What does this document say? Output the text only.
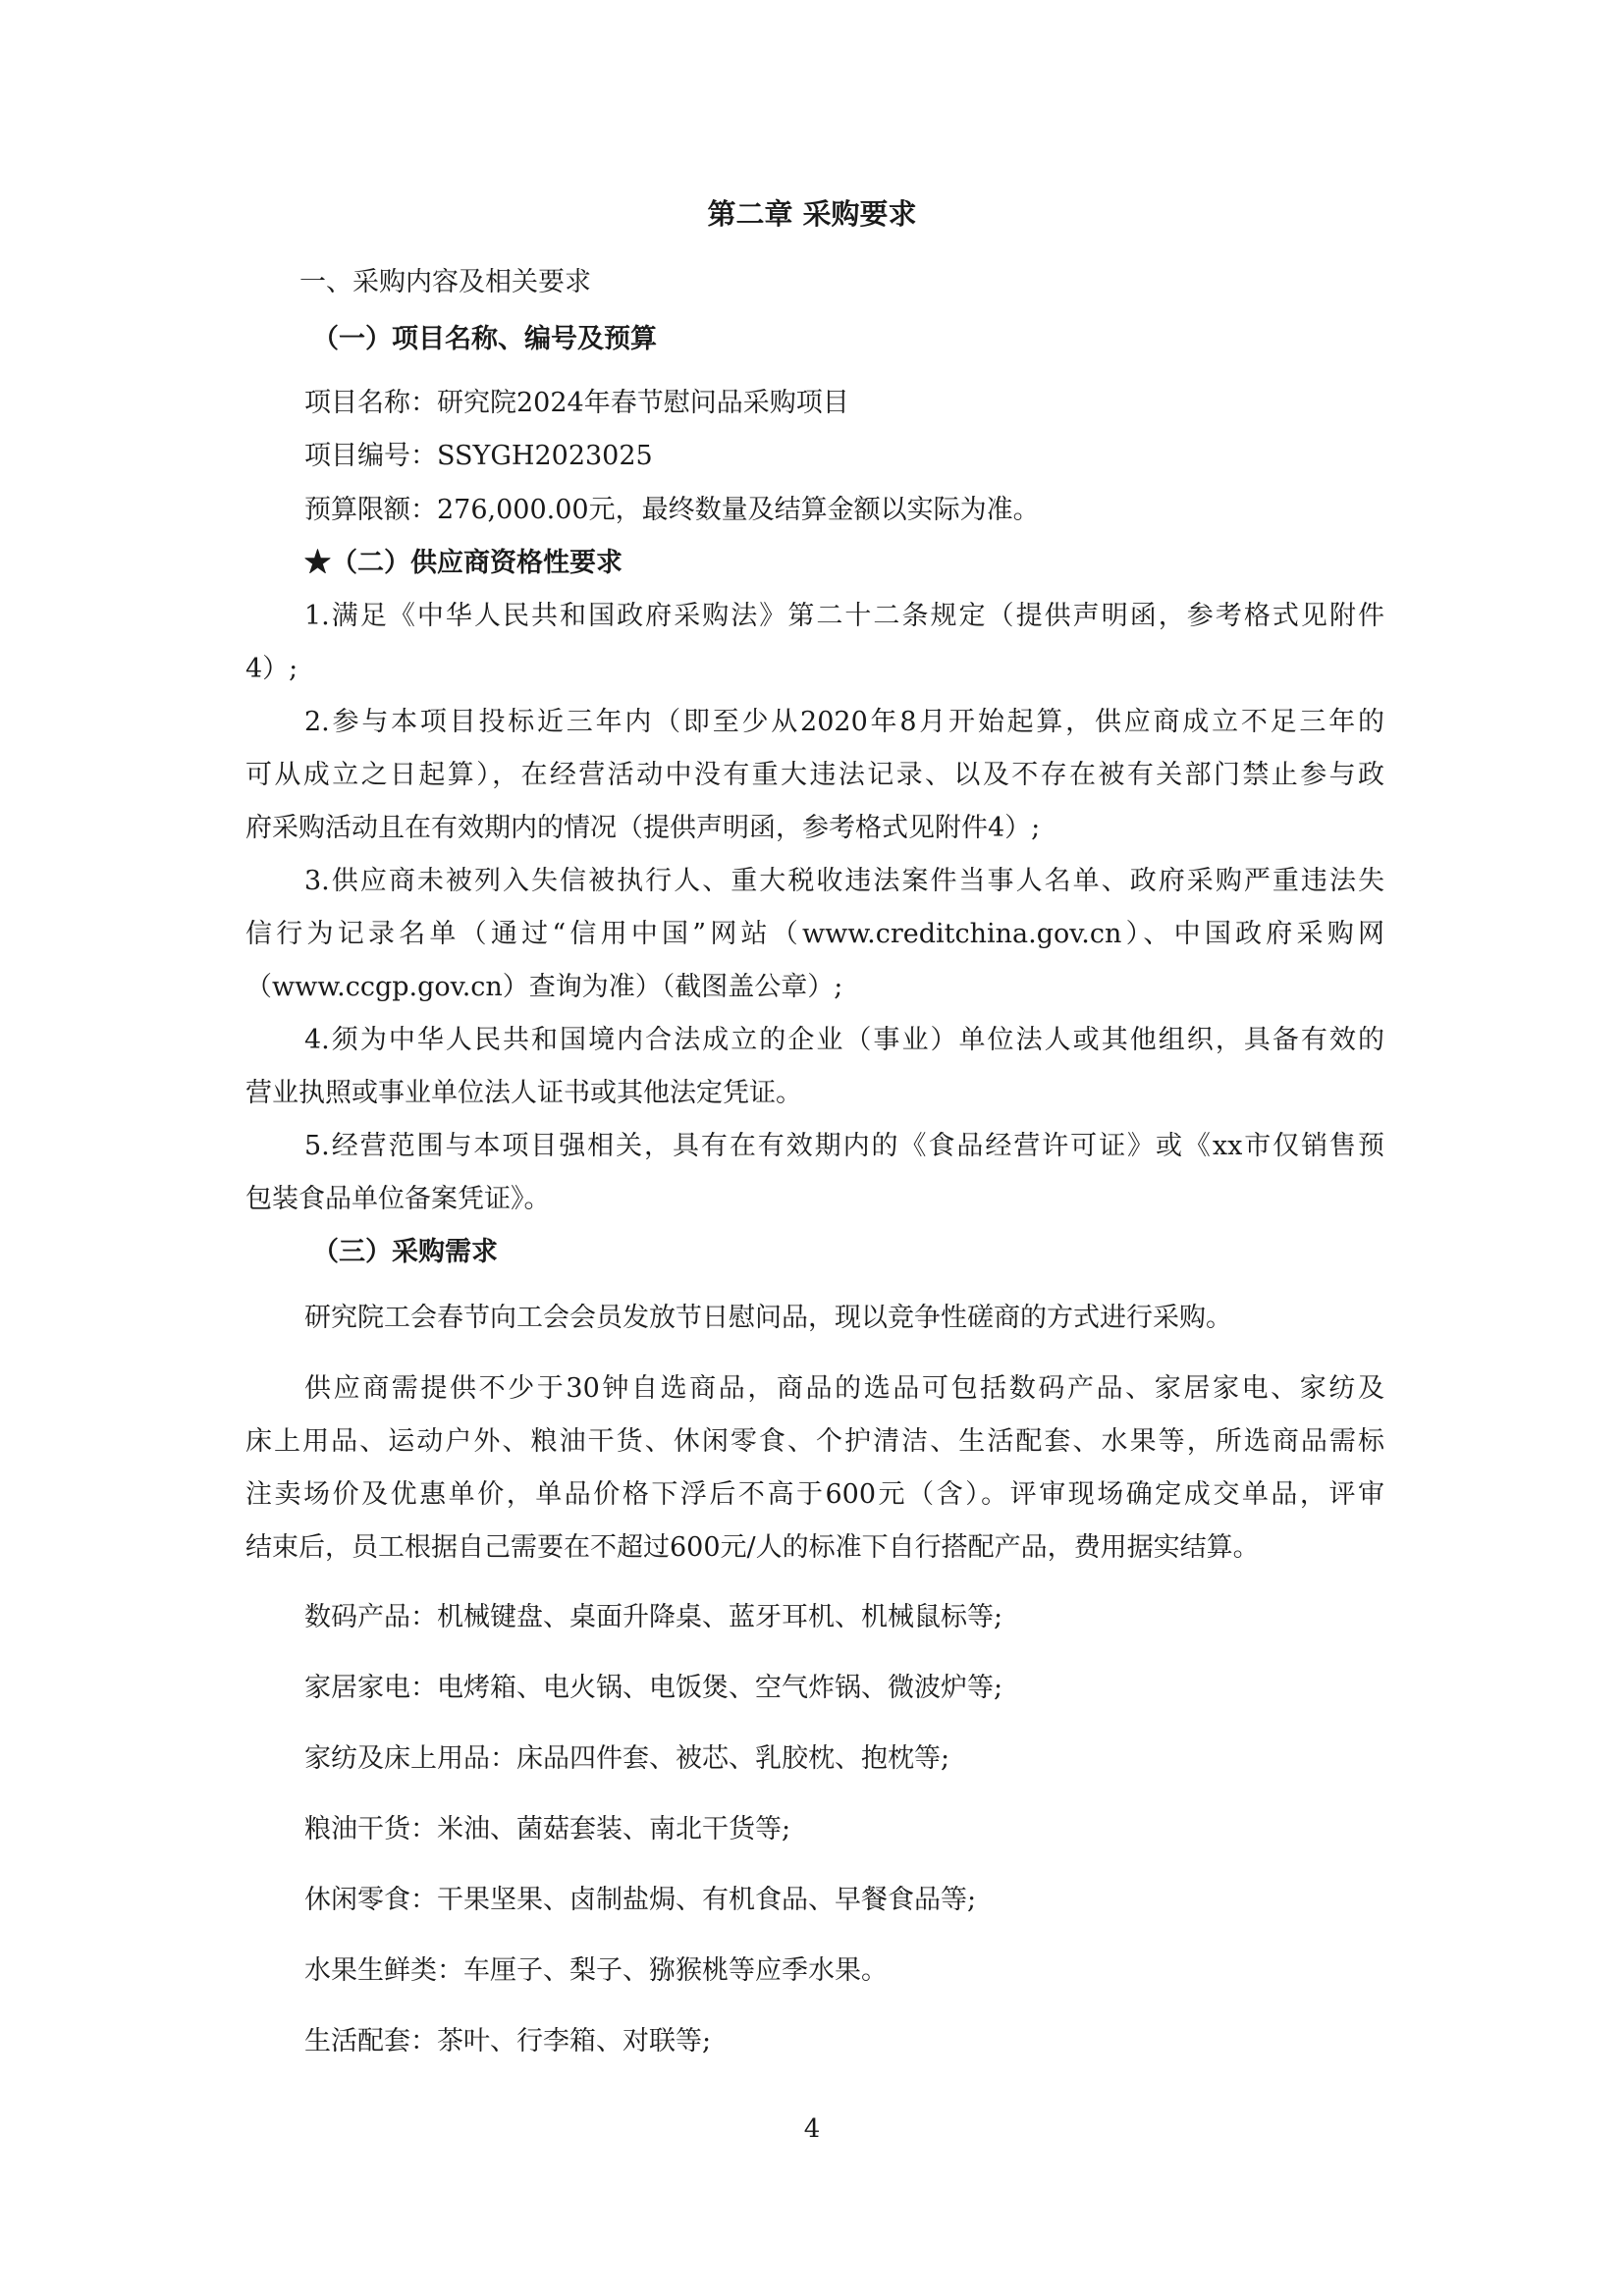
第二章 采购要求
一、采购内容及相关要求
（一）项目名称、编号及预算
项目名称：研究院2024年春节慰问品采购项目
项目编号：SSYGH2023025
预算限额：276,000.00元，最终数量及结算金额以实际为准。
★（二）供应商资格性要求
1.满足《中华人民共和国政府采购法》第二十二条规定（提供声明函，参考格式见附件
4）;
2.参与本项目投标近三年内（即至少从2020年8月开始起算，供应商成立不足三年的
可从成立之日起算），在经营活动中没有重大违法记录、以及不存在被有关部门禁止参与政
府采购活动且在有效期内的情况（提供声明函，参考格式见附件4）;
3.供应商未被列入失信被执行人、重大税收违法案件当事人名单、政府采购严重违法失
信行为记录名单（通过“信用中国”网站（www.creditchina.gov.cn）、中国政府采购网
（www.ccgp.gov.cn）查询为准）（截图盖公章）;
4.须为中华人民共和国境内合法成立的企业（事业）单位法人或其他组织，具备有效的
营业执照或事业单位法人证书或其他法定凭证。
5.经营范围与本项目强相关，具有在有效期内的《食品经营许可证》或《xx市仅销售预
包装食品单位备案凭证》。
（三）采购需求
研究院工会春节向工会会员发放节日慰问品，现以竞争性磋商的方式进行采购。
供应商需提供不少于30钟自选商品，商品的选品可包括数码产品、家居家电、家纺及
床上用品、运动户外、粮油干货、休闲零食、个护清洁、生活配套、水果等，所选商品需标
注卖场价及优惠单价，单品价格下浮后不高于600元（含）。评审现场确定成交单品，评审
结束后，员工根据自己需要在不超过600元/人的标准下自行搭配产品，费用据实结算。
数码产品：机械键盘、桌面升降桌、蓝牙耳机、机械鼠标等;
家居家电：电烤箱、电火锅、电饭煲、空气炸锅、微波炉等;
家纺及床上用品：床品四件套、被芯、乳胶枕、抱枕等;
粮油干货：米油、菌菇套装、南北干货等;
休闲零食：干果坚果、卤制盐焗、有机食品、早餐食品等;
水果生鲜类：车厘子、梨子、猕猴桃等应季水果。
生活配套：茶叶、行李箱、对联等;
4
